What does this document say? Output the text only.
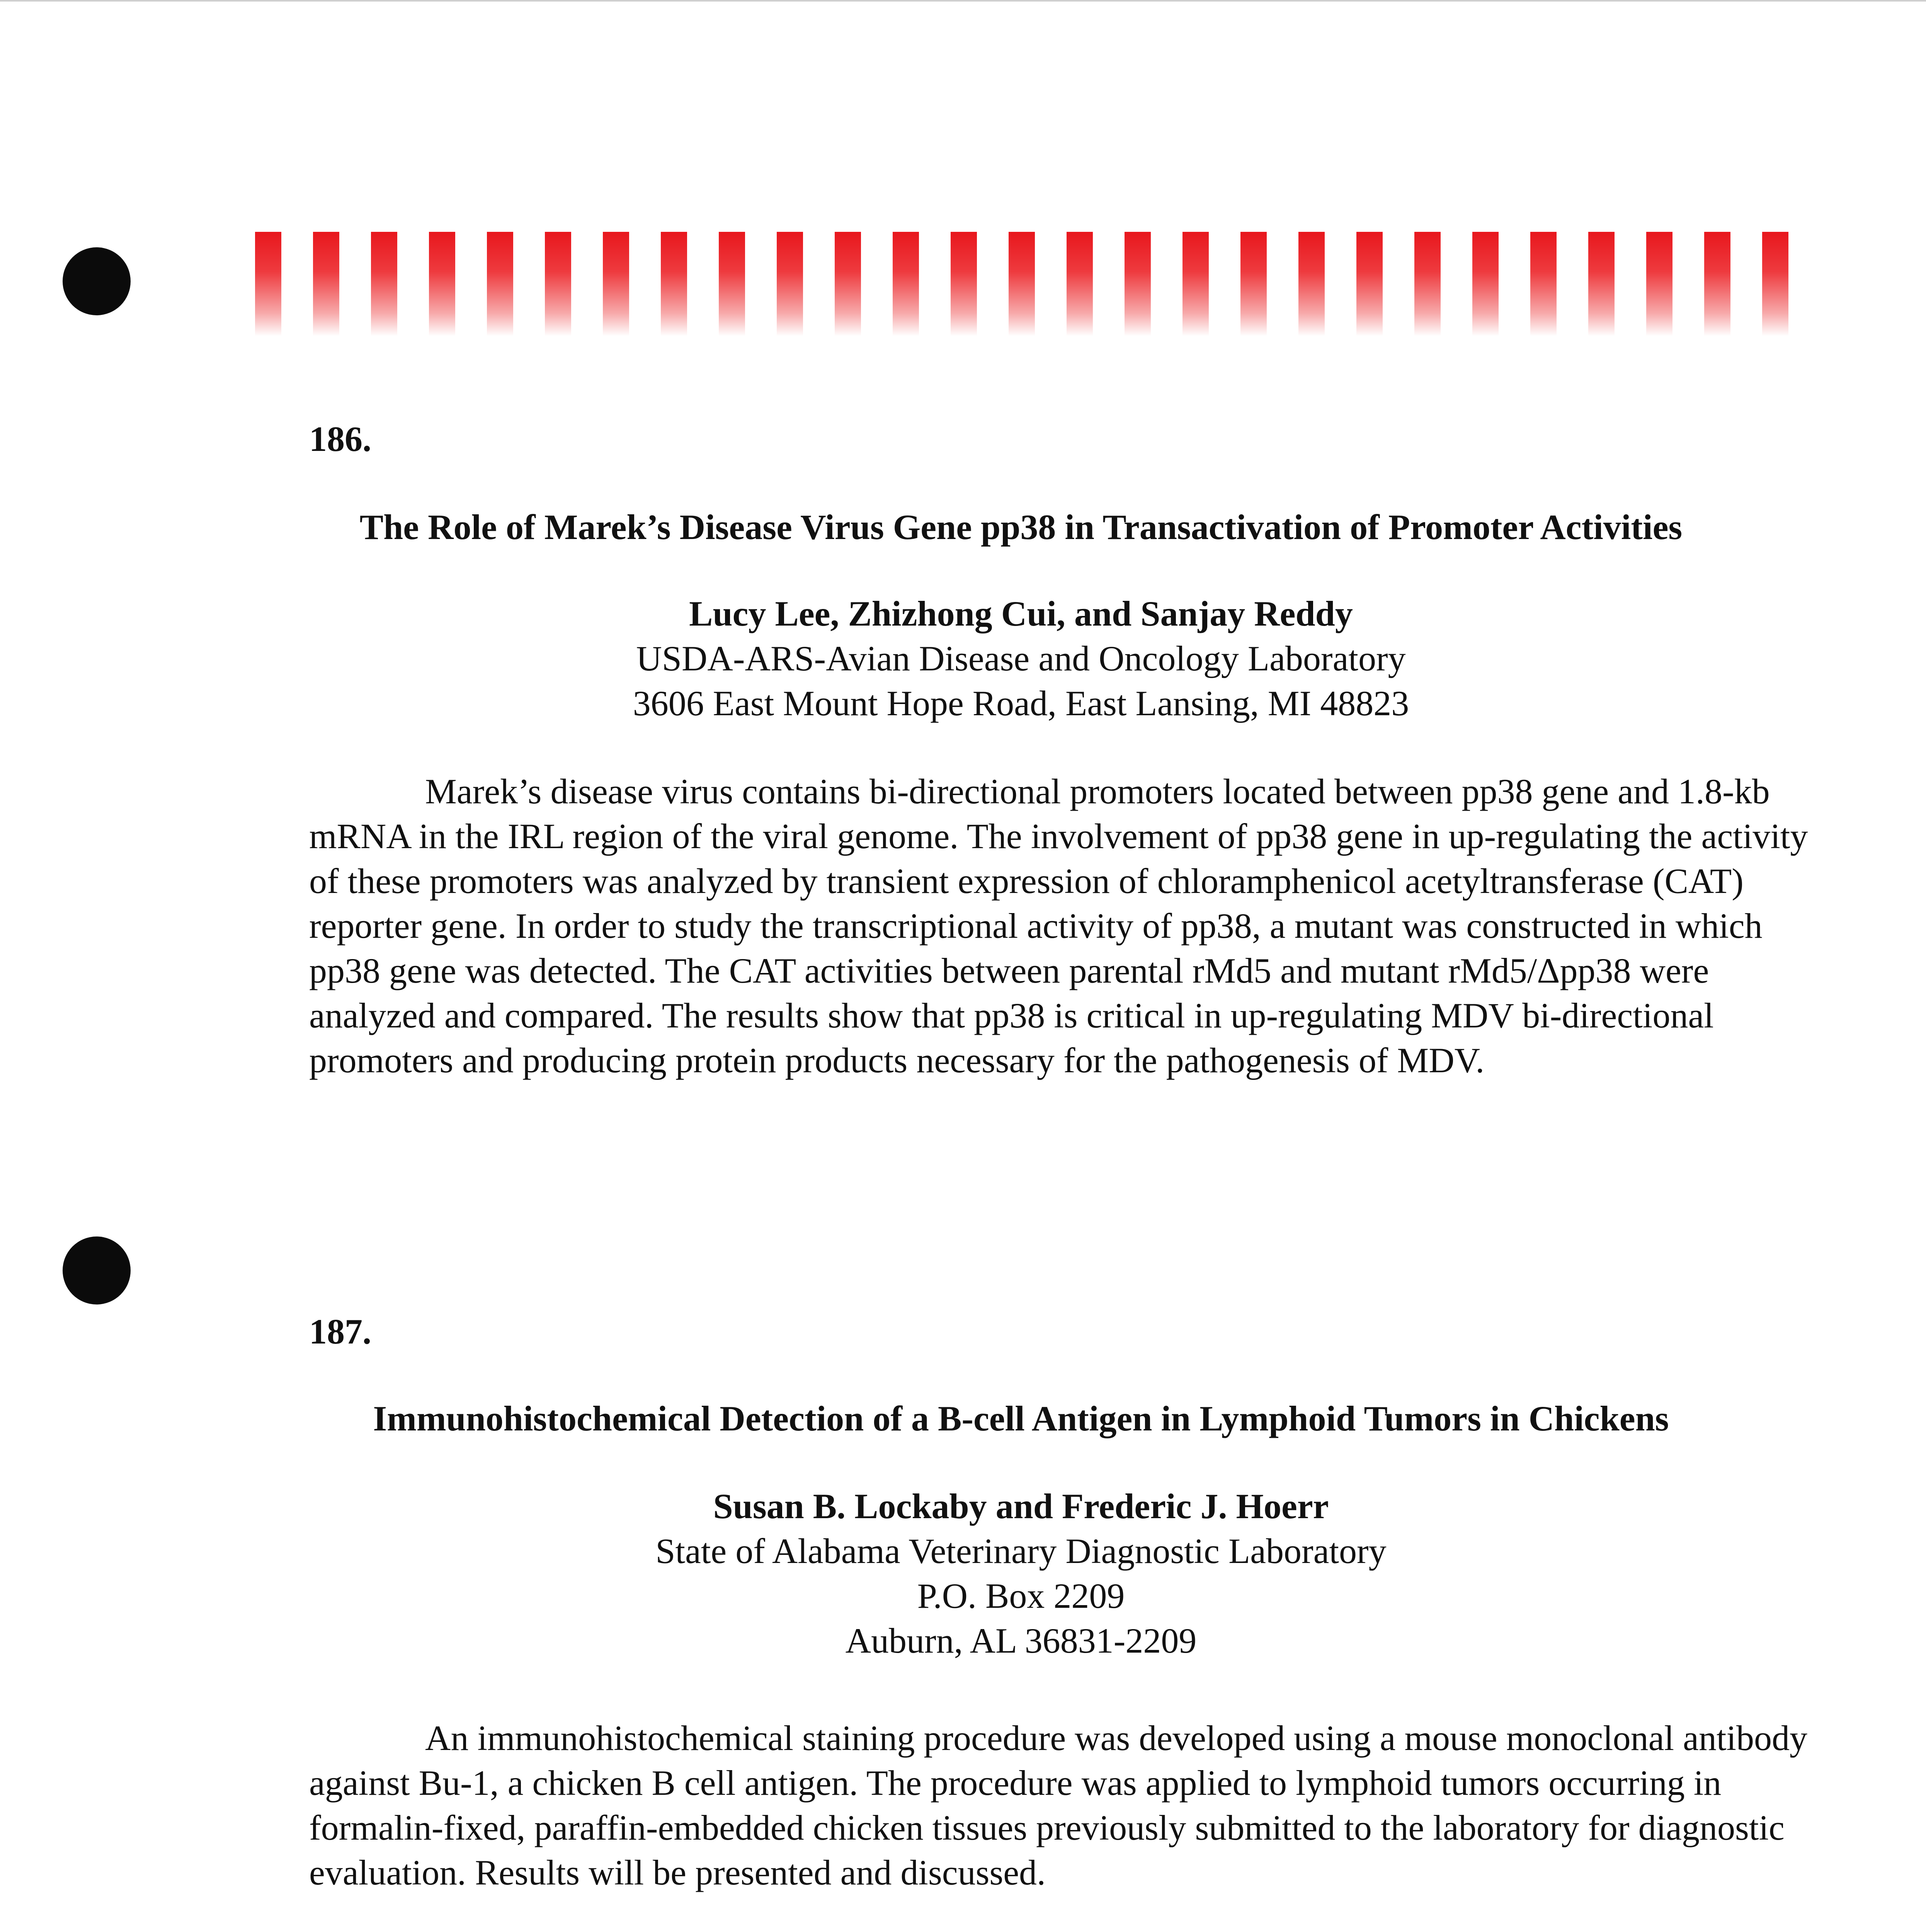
186.
The Role of Marek’s Disease Virus Gene pp38 in Transactivation of Promoter Activities
Lucy Lee, Zhizhong Cui, and Sanjay Reddy
USDA-ARS-Avian Disease and Oncology Laboratory
3606 East Mount Hope Road, East Lansing, MI 48823

Marek’s disease virus contains bi-directional promoters located between pp38 gene and 1.8-kb mRNA in the IRL region of the viral genome. The involvement of pp38 gene in up-regulating the activity of these promoters was analyzed by transient expression of chloramphenicol acetyltransferase (CAT) reporter gene. In order to study the transcriptional activity of pp38, a mutant was constructed in which pp38 gene was detected. The CAT activities between parental rMd5 and mutant rMd5/Δpp38 were analyzed and compared. The results show that pp38 is critical in up-regulating MDV bi-directional promoters and producing protein products necessary for the pathogenesis of MDV.

187.
Immunohistochemical Detection of a B-cell Antigen in Lymphoid Tumors in Chickens
Susan B. Lockaby and Frederic J. Hoerr
State of Alabama Veterinary Diagnostic Laboratory
P.O. Box 2209
Auburn, AL 36831-2209

An immunohistochemical staining procedure was developed using a mouse monoclonal antibody against Bu-1, a chicken B cell antigen. The procedure was applied to lymphoid tumors occurring in formalin-fixed, paraffin-embedded chicken tissues previously submitted to the laboratory for diagnostic evaluation. Results will be presented and discussed.
